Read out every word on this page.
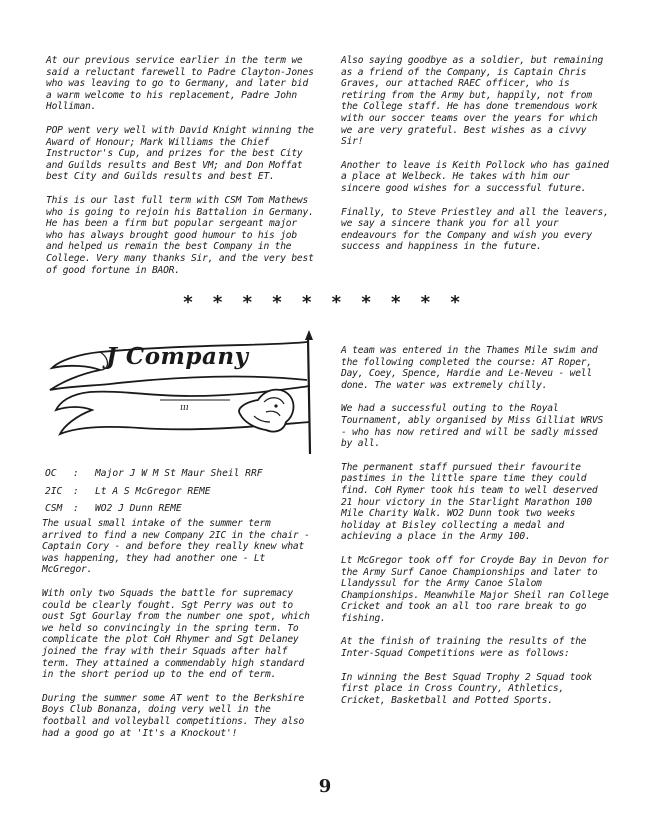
At our previous service earlier in the term we said a reluctant farewell to Padre Clayton-Jones who was leaving to go to Germany, and later bid a warm welcome to his replacement, Padre John Holliman.

POP went very well with David Knight winning the Award of Honour; Mark Williams the Chief Instructor's Cup, and prizes for the best City and Guilds results and Best VM; and Don Moffat best City and Guilds results and best ET.

This is our last full term with CSM Tom Mathews who is going to rejoin his Battalion in Germany. He has been a firm but popular sergeant major who has always brought good humour to his job and helped us remain the best Company in the College. Very many thanks Sir, and the very best of good fortune in BAOR.

Also saying goodbye as a soldier, but remaining as a friend of the Company, is Captain Chris Graves, our attached RAEC officer, who is retiring from the Army but, happily, not from the College staff. He has done tremendous work with our soccer teams over the years for which we are very grateful. Best wishes as a civvy Sir!

Another to leave is Keith Pollock who has gained a place at Welbeck. He takes with him our sincere good wishes for a successful future.

Finally, to Steve Priestley and all the leavers, we say a sincere thank you for all your endeavours for the Company and wish you every success and happiness in the future.

* * * * * * * * * *
ııı
J Company
OC	:	Major J W M St Maur Sheil RRF
2IC	:	Lt A S McGregor REME
CSM	:	WO2 J Dunn REME

The usual small intake of the summer term arrived to find a new Company 2IC in the chair - Captain Cory - and before they really knew what was happening, they had another one - Lt McGregor.

With only two Squads the battle for supremacy could be clearly fought. Sgt Perry was out to oust Sgt Gourlay from the number one spot, which we held so convincingly in the spring term. To complicate the plot CoH Rhymer and Sgt Delaney joined the fray with their Squads after half term. They attained a commendably high standard in the short period up to the end of term.

During the summer some AT went to the Berkshire Boys Club Bonanza, doing very well in the football and volleyball competitions. They also had a good go at 'It's a Knockout'!

A team was entered in the Thames Mile swim and the following completed the course: AT Roper, Day, Coey, Spence, Hardie and Le-Neveu - well done. The water was extremely chilly.

We had a successful outing to the Royal Tournament, ably organised by Miss Gilliat WRVS - who has now retired and will be sadly missed by all.

The permanent staff pursued their favourite pastimes in the little spare time they could find. CoH Rymer took his team to well deserved 21 hour victory in the Starlight Marathon 100 Mile Charity Walk. WO2 Dunn took two weeks holiday at Bisley collecting a medal and achieving a place in the Army 100.

Lt McGregor took off for Croyde Bay in Devon for the Army Surf Canoe Championships and later to Llandyssul for the Army Canoe Slalom Championships. Meanwhile Major Sheil ran College Cricket and took an all too rare break to go fishing.

At the finish of training the results of the Inter-Squad Competitions were as follows:

In winning the Best Squad Trophy 2 Squad took first place in Cross Country, Athletics, Cricket, Basketball and Potted Sports.

9
